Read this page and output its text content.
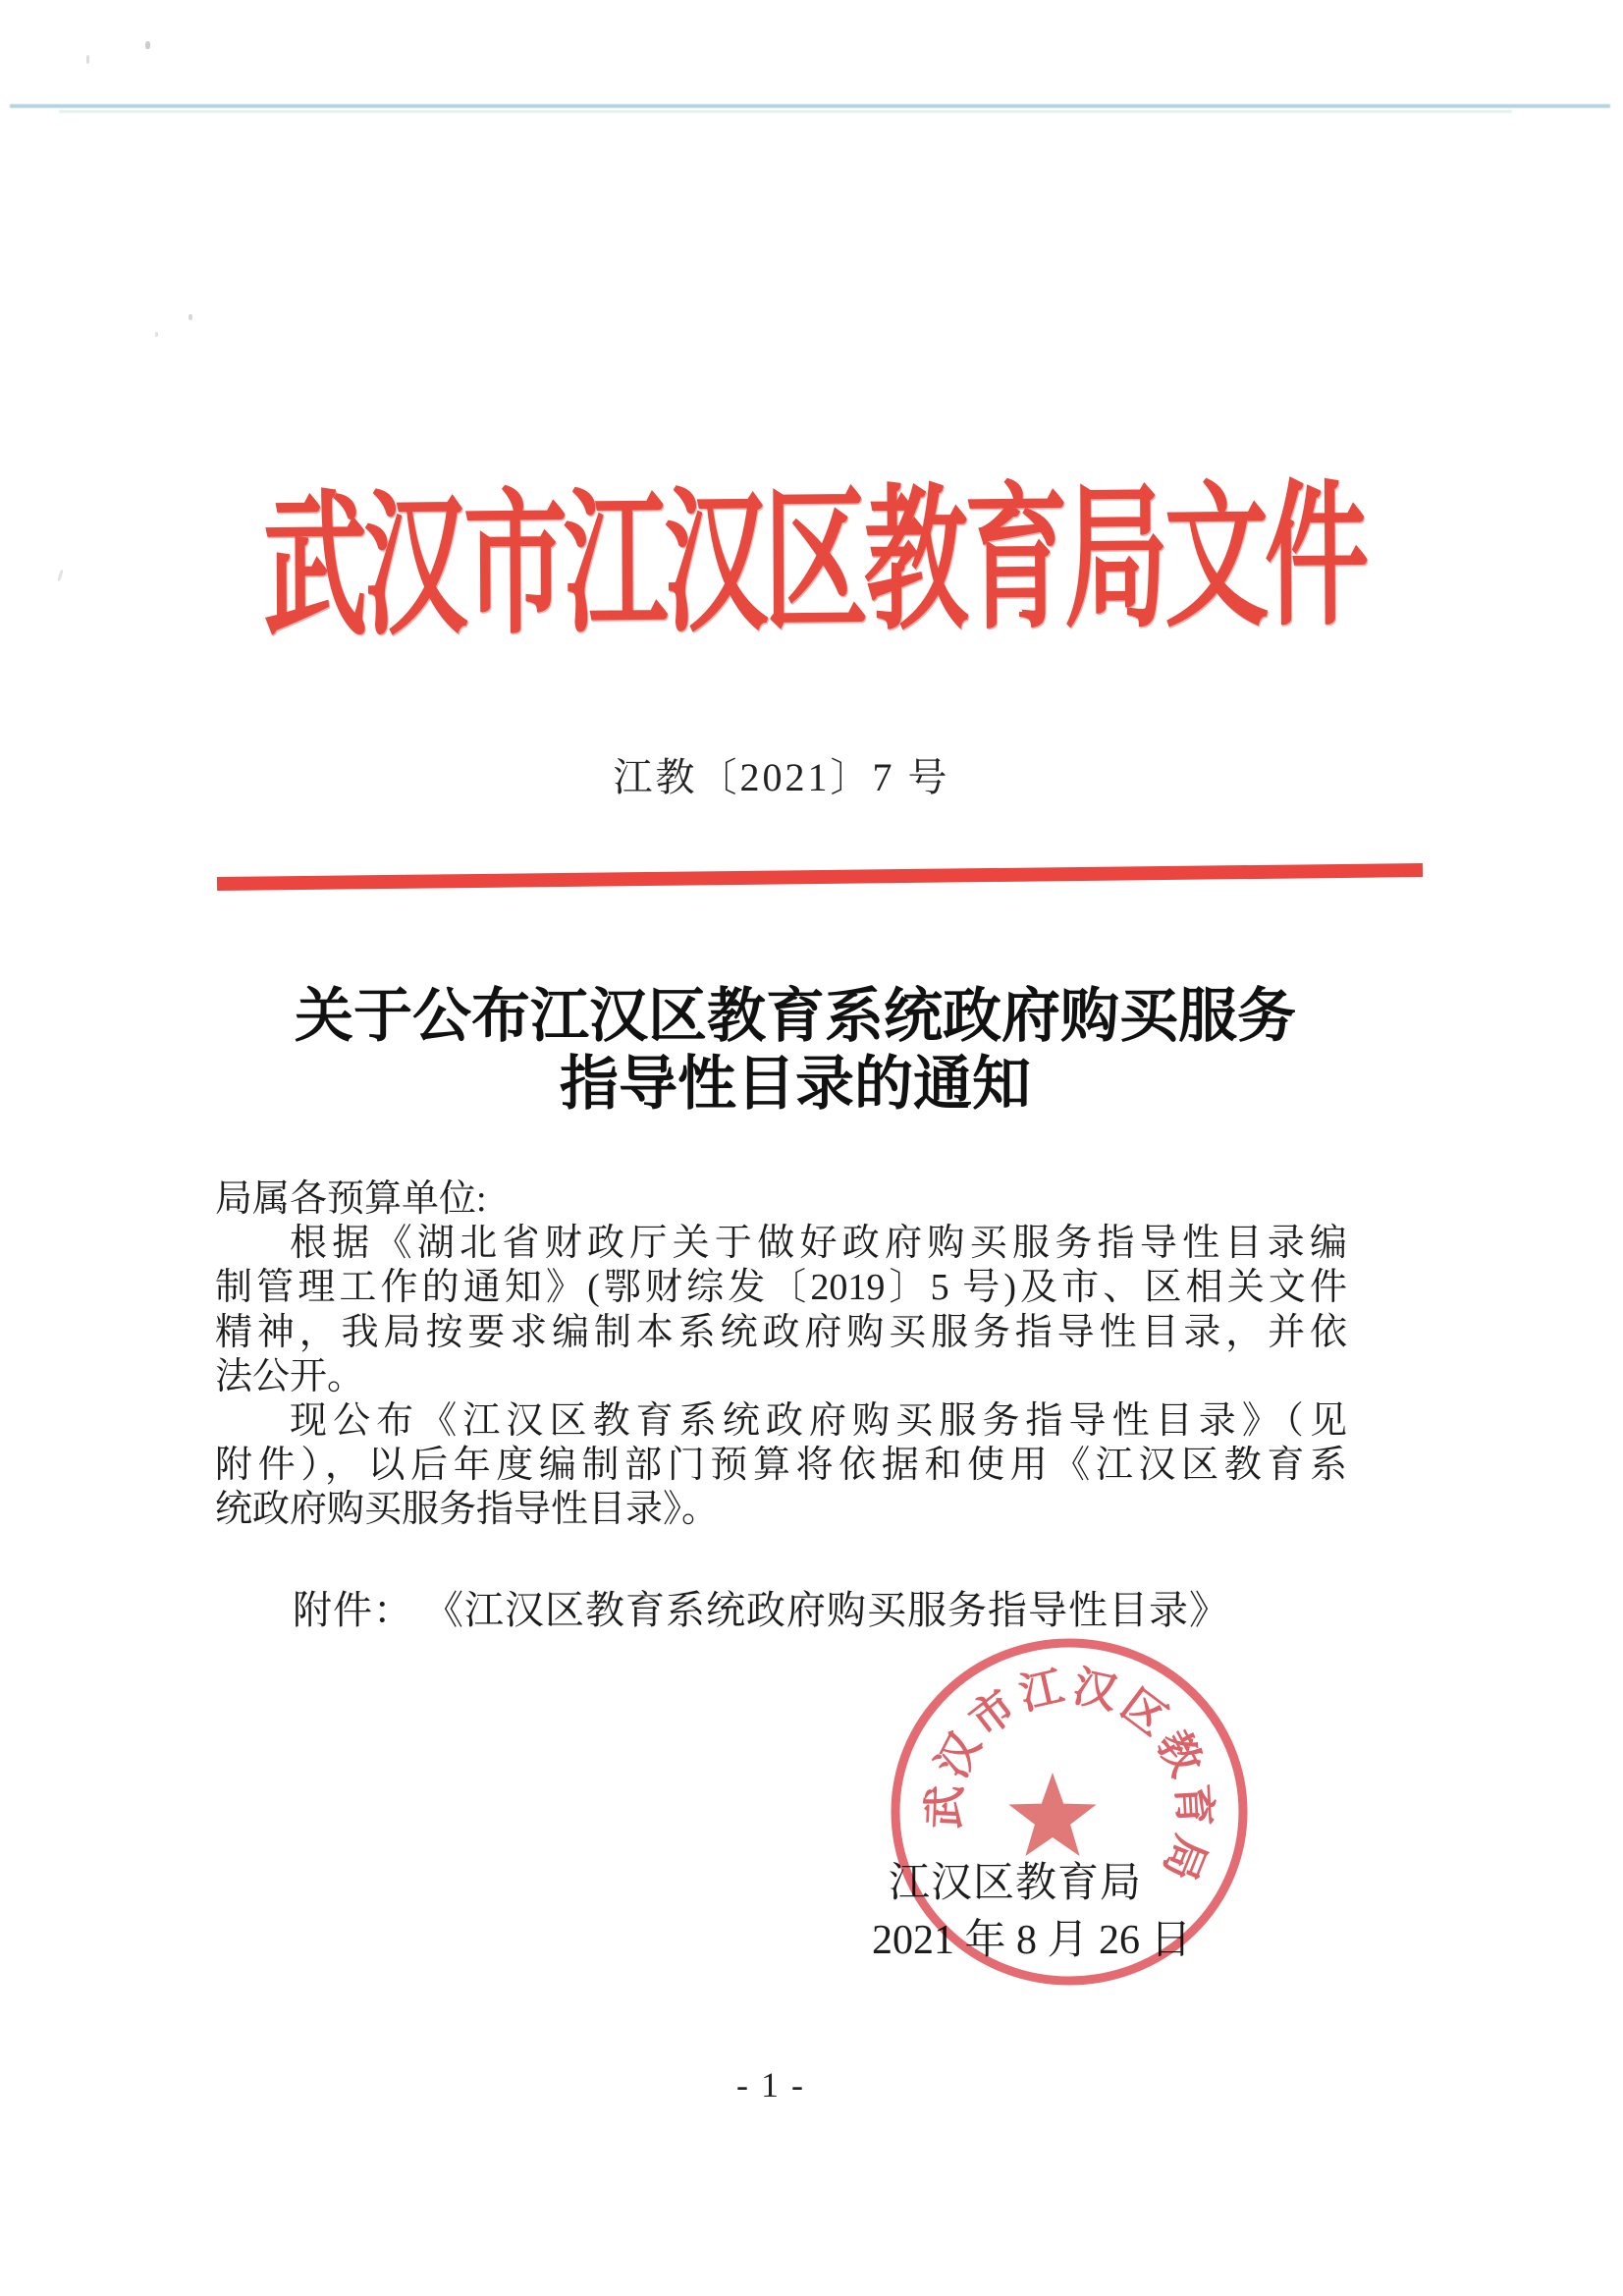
武汉市江汉区教育局文件
江教〔2021〕7 号
关于公布江汉区教育系统政府购买服务
指导性目录的通知
局属各预算单位:
根据《湖北省财政厅关于做好政府购买服务指导性目录编
制管理工作的通知》(鄂财综发〔2019〕5 号)及市、区相关文件
精神，我局按要求编制本系统政府购买服务指导性目录，并依
法公开。
现公布《江汉区教育系统政府购买服务指导性目录》（见
附件），以后年度编制部门预算将依据和使用《江汉区教育系
统政府购买服务指导性目录》。
附件： 《江汉区教育系统政府购买服务指导性目录》
江汉区教育局
2021 年 8 月 26 日
武汉市江汉区教育局
- 1 -
